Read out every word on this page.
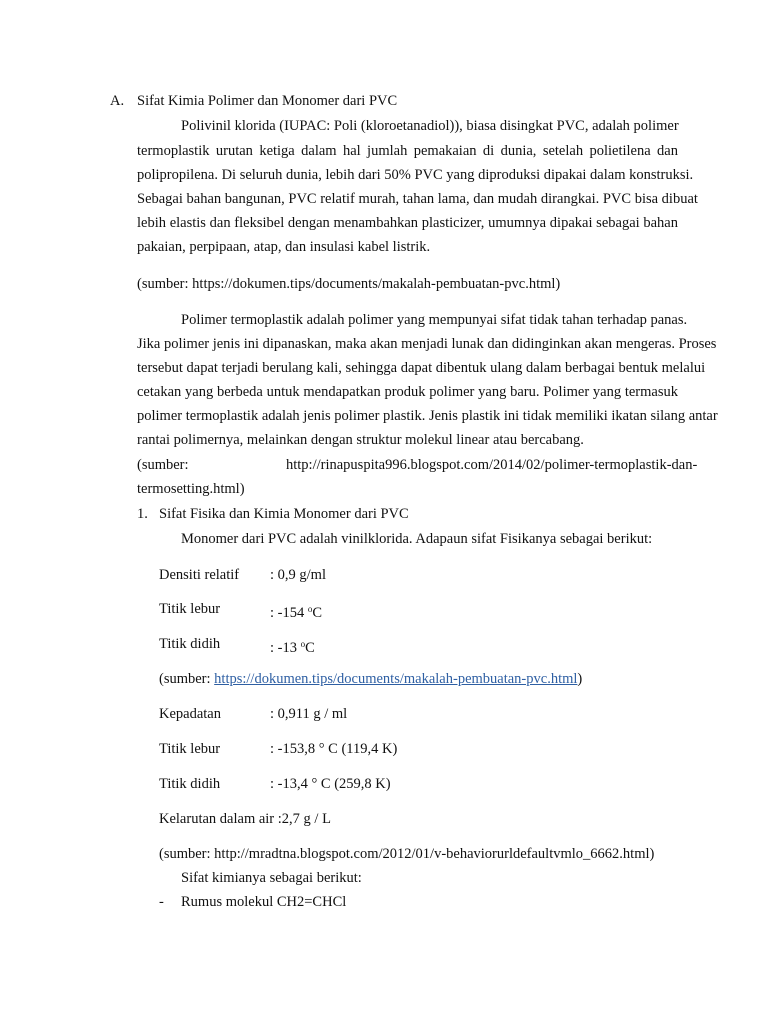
A. Sifat Kimia Polimer dan Monomer dari PVC
Polivinil klorida (IUPAC: Poli (kloroetanadiol)), biasa disingkat PVC, adalah polimer
termoplastik urutan ketiga dalam hal jumlah pemakaian di dunia, setelah polietilena dan
polipropilena. Di seluruh dunia, lebih dari 50% PVC yang diproduksi dipakai dalam konstruksi.
Sebagai bahan bangunan, PVC relatif murah, tahan lama, dan mudah dirangkai. PVC bisa dibuat
lebih elastis dan fleksibel dengan menambahkan plasticizer, umumnya dipakai sebagai bahan
pakaian, perpipaan, atap, dan insulasi kabel listrik.
(sumber: https://dokumen.tips/documents/makalah-pembuatan-pvc.html)
Polimer termoplastik adalah polimer yang mempunyai sifat tidak tahan terhadap panas.
Jika polimer jenis ini dipanaskan, maka akan menjadi lunak dan didinginkan akan mengeras. Proses
tersebut dapat terjadi berulang kali, sehingga dapat dibentuk ulang dalam berbagai bentuk melalui
cetakan yang berbeda untuk mendapatkan produk polimer yang baru. Polimer yang termasuk
polimer termoplastik adalah jenis polimer plastik. Jenis plastik ini tidak memiliki ikatan silang antar
rantai polimernya, melainkan dengan struktur molekul linear atau bercabang.
(sumber:	http://rinapuspita996.blogspot.com/2014/02/polimer-termoplastik-dan-
termosetting.html)
1. Sifat Fisika dan Kimia Monomer dari PVC
Monomer dari PVC adalah vinilklorida. Adapaun sifat Fisikanya sebagai berikut:
Densiti relatif : 0,9 g/ml
Titik lebur	: -154 $^o$C
Titik didih	: -13 $^o$C
(sumber: https://dokumen.tips/documents/makalah-pembuatan-pvc.html)
Kepadatan	: 0,911 g / ml
Titik lebur	: -153,8 ° C (119,4 K)
Titik didih	: -13,4 ° C (259,8 K)
Kelarutan dalam air :2,7 g / L
(sumber: http://mradtna.blogspot.com/2012/01/v-behaviorurldefaultvmlo_6662.html)
Sifat kimianya sebagai berikut:
- Rumus molekul CH2=CHCl
